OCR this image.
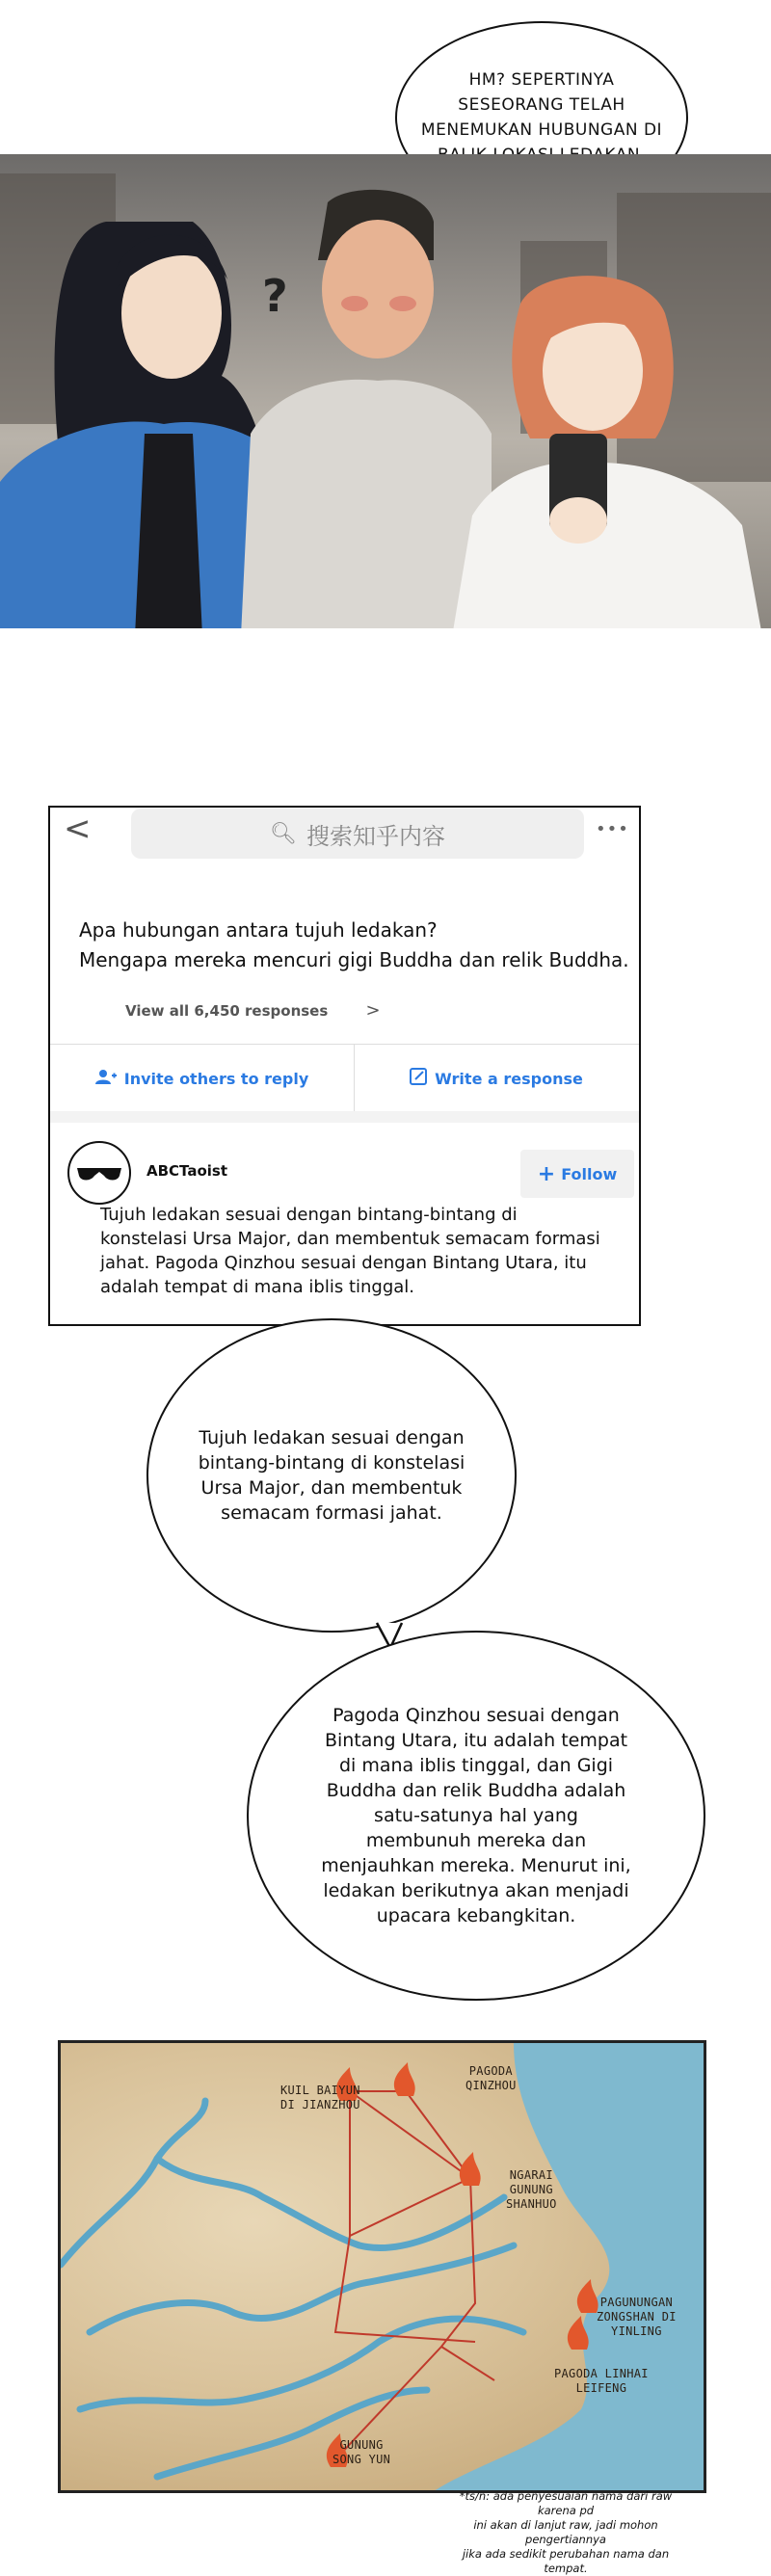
HM? SEPERTINYA
SESEORANG TELAH
MENEMUKAN HUBUNGAN DI

?
<	🔍︎ 搜索知乎内容	•••
Apa hubungan antara tujuh ledakan?
Mengapa mereka mencuri gigi Buddha dan relik Buddha.
View all 6,450 responses >
Invite others to reply	Write a response
ABCTaoist	+ Follow
Tujuh ledakan sesuai dengan bintang-bintang di konstelasi Ursa Major, dan membentuk semacam formasi jahat. Pagoda Qinzhou sesuai dengan Bintang Utara, itu adalah tempat di mana iblis tinggal.
Tujuh ledakan sesuai dengan
bintang-bintang di konstelasi
Ursa Major, dan membentuk
semacam formasi jahat.
Pagoda Qinzhou sesuai dengan
Bintang Utara, itu adalah tempat
di mana iblis tinggal, dan Gigi
Buddha dan relik Buddha adalah
satu-satunya hal yang
membunuh mereka dan
menjauhkan mereka. Menurut ini,
ledakan berikutnya akan menjadi
upacara kebangkitan.
KUIL BAIYUN
DI JIANZHOU
PAGODA
QINZHOU
NGARAI
GUNUNG
SHANHUO
PAGUNUNGAN
ZONGSHAN DI
YINLING
PAGODA LINHAI
LEIFENG
GUNUNG
SONG YUN
*ts/n: ada penyesuaian nama dari raw karena pd
ini akan di lanjut raw, jadi mohon pengertiannya
jika ada sedikit perubahan nama dan tempat.
